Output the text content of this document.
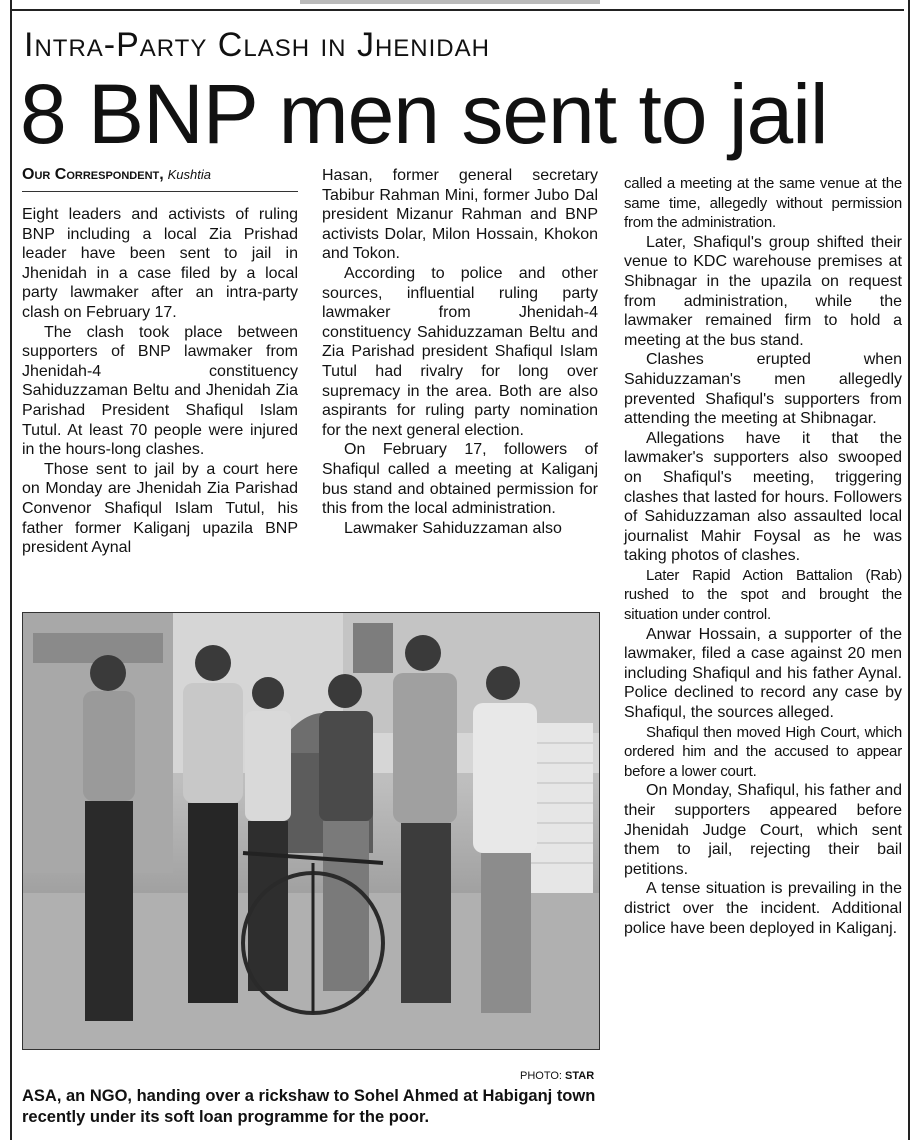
Intra-Party Clash in Jhenidah
8 BNP men sent to jail
Our Correspondent, Kushtia

Eight leaders and activists of ruling BNP including a local Zia Prishad leader have been sent to jail in Jhenidah in a case filed by a local party lawmaker after an intra-party clash on February 17.

The clash took place between supporters of BNP lawmaker from Jhenidah-4 constituency Sahiduzzaman Beltu and Jhenidah Zia Parishad President Shafiqul Islam Tutul. At least 70 people were injured in the hours-long clashes.

Those sent to jail by a court here on Monday are Jhenidah Zia Parishad Convenor Shafiqul Islam Tutul, his father former Kaliganj upazila BNP president Aynal

Hasan, former general secretary Tabibur Rahman Mini, former Jubo Dal president Mizanur Rahman and BNP activists Dolar, Milon Hossain, Khokon and Tokon.

According to police and other sources, influential ruling party lawmaker from Jhenidah-4 constituency Sahiduzzaman Beltu and Zia Parishad president Shafiqul Islam Tutul had rivalry for long over supremacy in the area. Both are also aspirants for ruling party nomination for the next general election.

On February 17, followers of Shafiqul called a meeting at Kaliganj bus stand and obtained permission for this from the local administration.

Lawmaker Sahiduzzaman also

called a meeting at the same venue at the same time, allegedly without permission from the administration.

Later, Shafiqul's group shifted their venue to KDC warehouse premises at Shibnagar in the upazila on request from administration, while the lawmaker remained firm to hold a meeting at the bus stand.

Clashes erupted when Sahiduzzaman's men allegedly prevented Shafiqul's supporters from attending the meeting at Shibnagar.

Allegations have it that the lawmaker's supporters also swooped on Shafiqul's meeting, triggering clashes that lasted for hours. Followers of Sahiduzzaman also assaulted local journalist Mahir Foysal as he was taking photos of clashes.

Later Rapid Action Battalion (Rab) rushed to the spot and brought the situation under control.

Anwar Hossain, a supporter of the lawmaker, filed a case against 20 men including Shafiqul and his father Aynal. Police declined to record any case by Shafiqul, the sources alleged.

Shafiqul then moved High Court, which ordered him and the accused to appear before a lower court.

On Monday, Shafiqul, his father and their supporters appeared before Jhenidah Judge Court, which sent them to jail, rejecting their bail petitions.

A tense situation is prevailing in the district over the incident. Additional police have been deployed in Kaliganj.

PHOTO: STAR
ASA, an NGO, handing over a rickshaw to Sohel Ahmed at Habiganj town recently under its soft loan programme for the poor.
